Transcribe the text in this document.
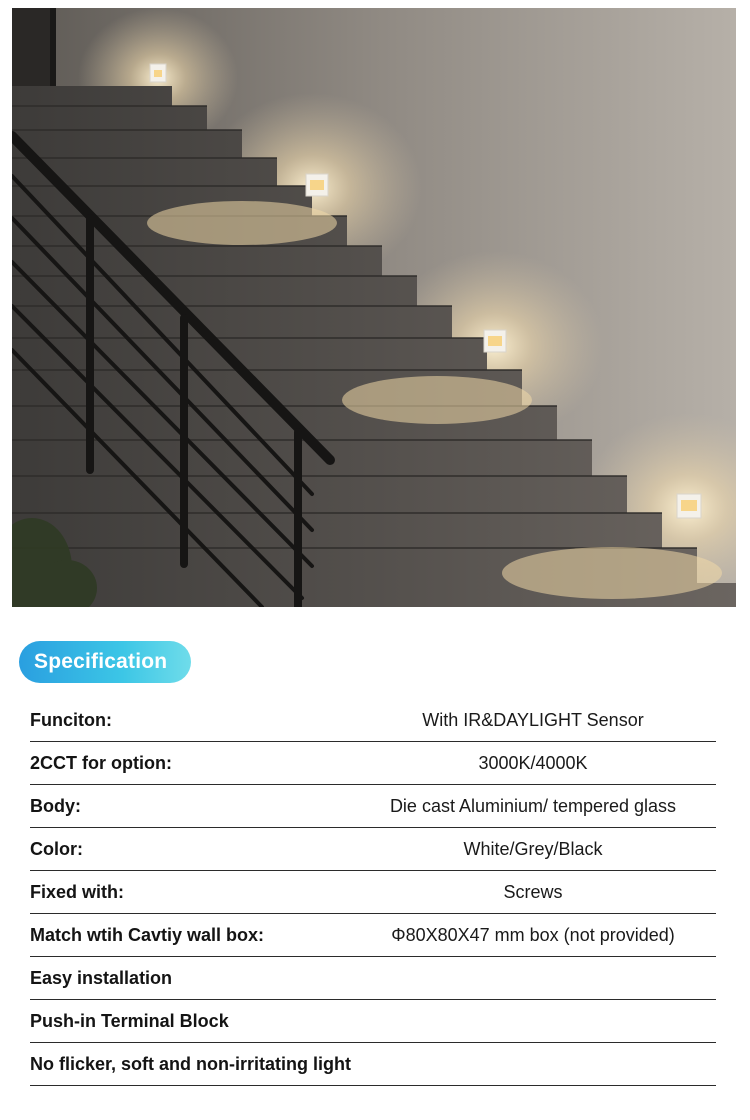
Specification
Funciton:	With IR&DAYLIGHT Sensor
2CCT for option:	3000K/4000K
Body:	Die cast Aluminium/ tempered glass
Color:	White/Grey/Black
Fixed with:	Screws
Match wtih Cavtiy wall box:	Φ80X80X47 mm box (not provided)
Easy installation
Push-in Terminal Block
No flicker, soft and non-irritating light
